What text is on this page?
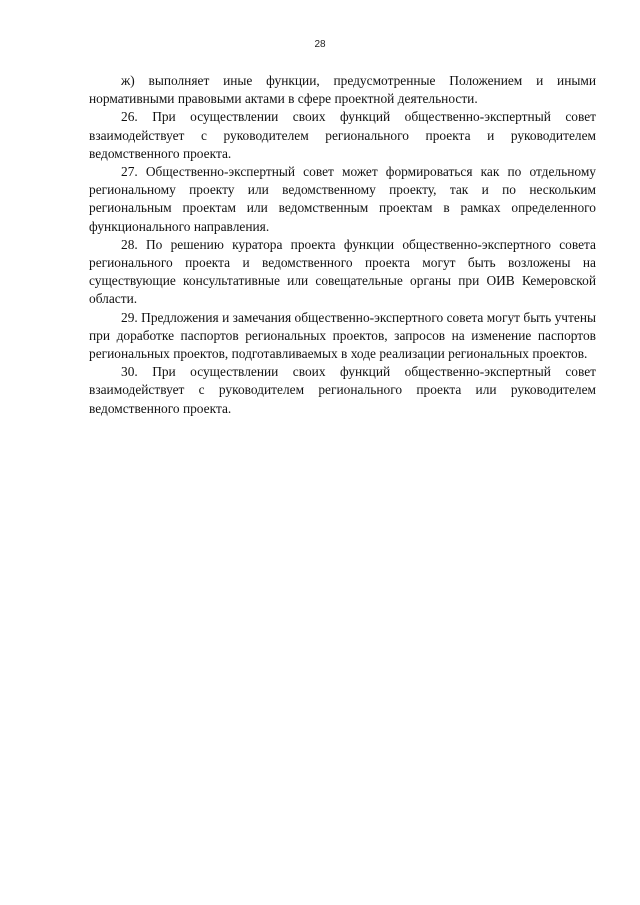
28

ж) выполняет иные функции, предусмотренные Положением и иными нормативными правовыми актами в сфере проектной деятельности.

26. При осуществлении своих функций общественно-экспертный совет взаимодействует с руководителем регионального проекта и руководителем ведомственного проекта.

27. Общественно-экспертный совет может формироваться как по отдельному региональному проекту или ведомственному проекту, так и по нескольким региональным проектам или ведомственным проектам в рамках определенного функционального направления.

28. По решению куратора проекта функции общественно-экспертного совета регионального проекта и ведомственного проекта могут быть возложены на существующие консультативные или совещательные органы при ОИВ Кемеровской области.

29. Предложения и замечания общественно-экспертного совета могут быть учтены при доработке паспортов региональных проектов, запросов на изменение паспортов региональных проектов, подготавливаемых в ходе реализации региональных проектов.

30. При осуществлении своих функций общественно-экспертный совет взаимодействует с руководителем регионального проекта или руководителем ведомственного проекта.
